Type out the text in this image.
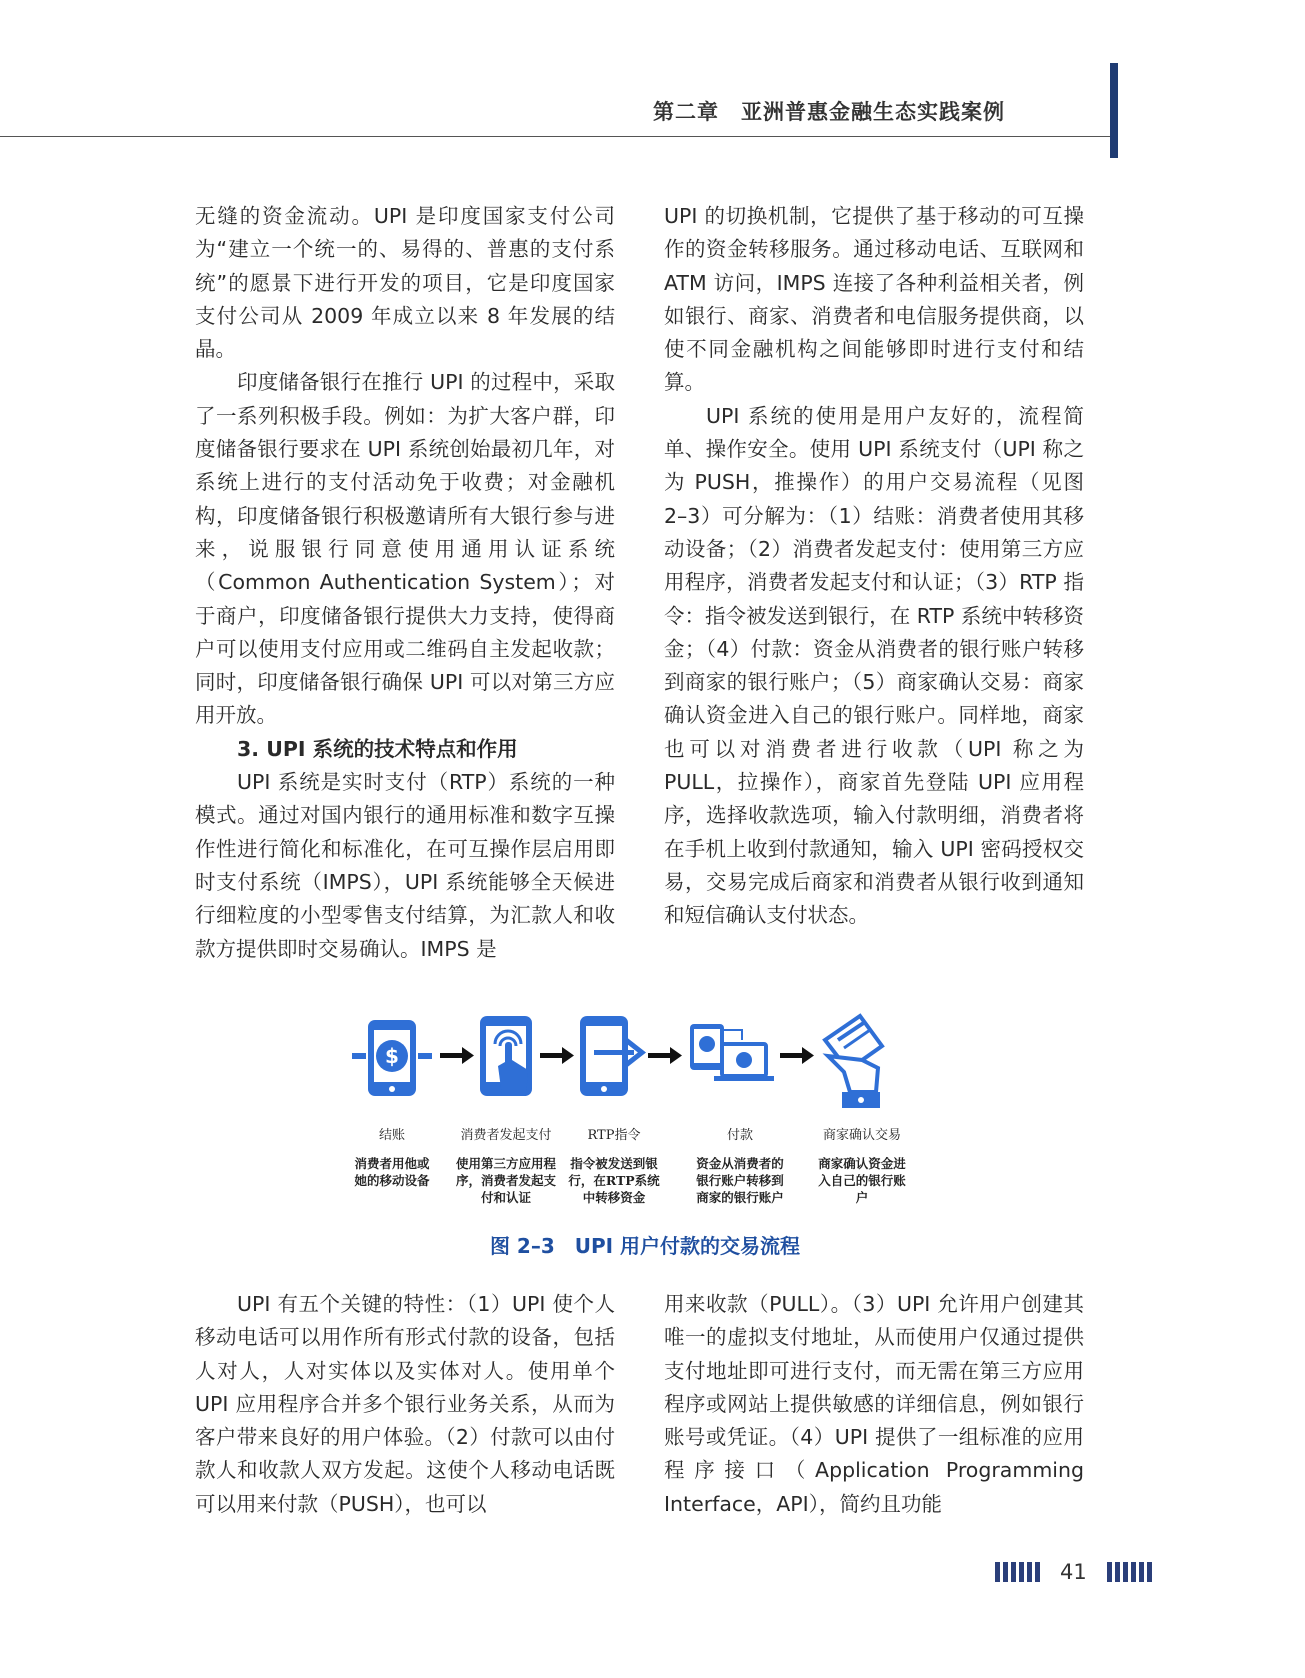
第二章　亚洲普惠金融生态实践案例

无缝的资金流动。UPI 是印度国家支付公司为“建立一个统一的、易得的、普惠的支付系统”的愿景下进行开发的项目，它是印度国家支付公司从 2009 年成立以来 8 年发展的结晶。

印度储备银行在推行 UPI 的过程中，采取了一系列积极手段。例如：为扩大客户群，印度储备银行要求在 UPI 系统创始最初几年，对系统上进行的支付活动免于收费；对金融机构，印度储备银行积极邀请所有大银行参与进来，说服银行同意使用通用认证系统（Common Authentication System）；对于商户，印度储备银行提供大力支持，使得商户可以使用支付应用或二维码自主发起收款；同时，印度储备银行确保 UPI 可以对第三方应用开放。

3. UPI 系统的技术特点和作用

UPI 系统是实时支付（RTP）系统的一种模式。通过对国内银行的通用标准和数字互操作性进行简化和标准化，在可互操作层启用即时支付系统（IMPS），UPI 系统能够全天候进行细粒度的小型零售支付结算，为汇款人和收款方提供即时交易确认。IMPS 是

UPI 的切换机制，它提供了基于移动的可互操作的资金转移服务。通过移动电话、互联网和 ATM 访问，IMPS 连接了各种利益相关者，例如银行、商家、消费者和电信服务提供商，以使不同金融机构之间能够即时进行支付和结算。

UPI 系统的使用是用户友好的，流程简单、操作安全。使用 UPI 系统支付（UPI 称之为 PUSH，推操作）的用户交易流程（见图 2–3）可分解为：（1）结账：消费者使用其移动设备；（2）消费者发起支付：使用第三方应用程序，消费者发起支付和认证；（3）RTP 指令：指令被发送到银行，在 RTP 系统中转移资金；（4）付款：资金从消费者的银行账户转移到商家的银行账户；（5）商家确认交易：商家确认资金进入自己的银行账户。同样地，商家也可以对消费者进行收款（UPI 称之为 PULL，拉操作），商家首先登陆 UPI 应用程序，选择收款选项，输入付款明细，消费者将在手机上收到付款通知，输入 UPI 密码授权交易，交易完成后商家和消费者从银行收到通知和短信确认支付状态。

$
结账
消费者用他或她的移动设备
消费者发起支付
使用第三方应用程序，消费者发起支付和认证
RTP指令
指令被发送到银行，在RTP系统中转移资金
付款
资金从消费者的银行账户转移到商家的银行账户
商家确认交易
商家确认资金进入自己的银行账户
图 2–3　UPI 用户付款的交易流程

UPI 有五个关键的特性：（1）UPI 使个人移动电话可以用作所有形式付款的设备，包括人对人，人对实体以及实体对人。使用单个 UPI 应用程序合并多个银行业务关系，从而为客户带来良好的用户体验。（2）付款可以由付款人和收款人双方发起。这使个人移动电话既可以用来付款（PUSH），也可以

用来收款（PULL）。（3）UPI 允许用户创建其唯一的虚拟支付地址，从而使用户仅通过提供支付地址即可进行支付，而无需在第三方应用程序或网站上提供敏感的详细信息，例如银行账号或凭证。（4）UPI 提供了一组标准的应用程序接口（Application Programming Interface，API），简约且功能

41
